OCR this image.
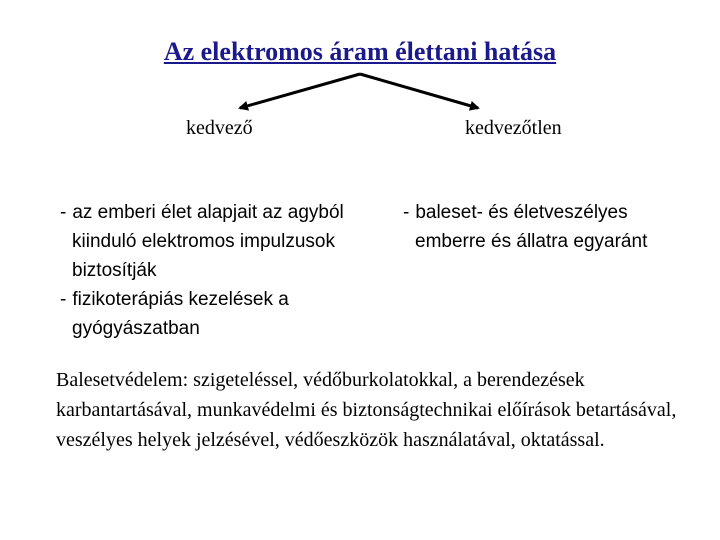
Az elektromos áram élettani hatása
kedvező	kedvezőtlen
- az emberi élet alapjait az agyból kiinduló elektromos impulzusok biztosítják
- fizikoterápiás kezelések a gyógyászatban
- baleset- és életveszélyes emberre és állatra egyaránt
Balesetvédelem: szigeteléssel, védőburkolatokkal, a berendezések karbantartásával, munkavédelmi és biztonságtechnikai előírások betartásával, veszélyes helyek jelzésével, védőeszközök használatával, oktatással.
